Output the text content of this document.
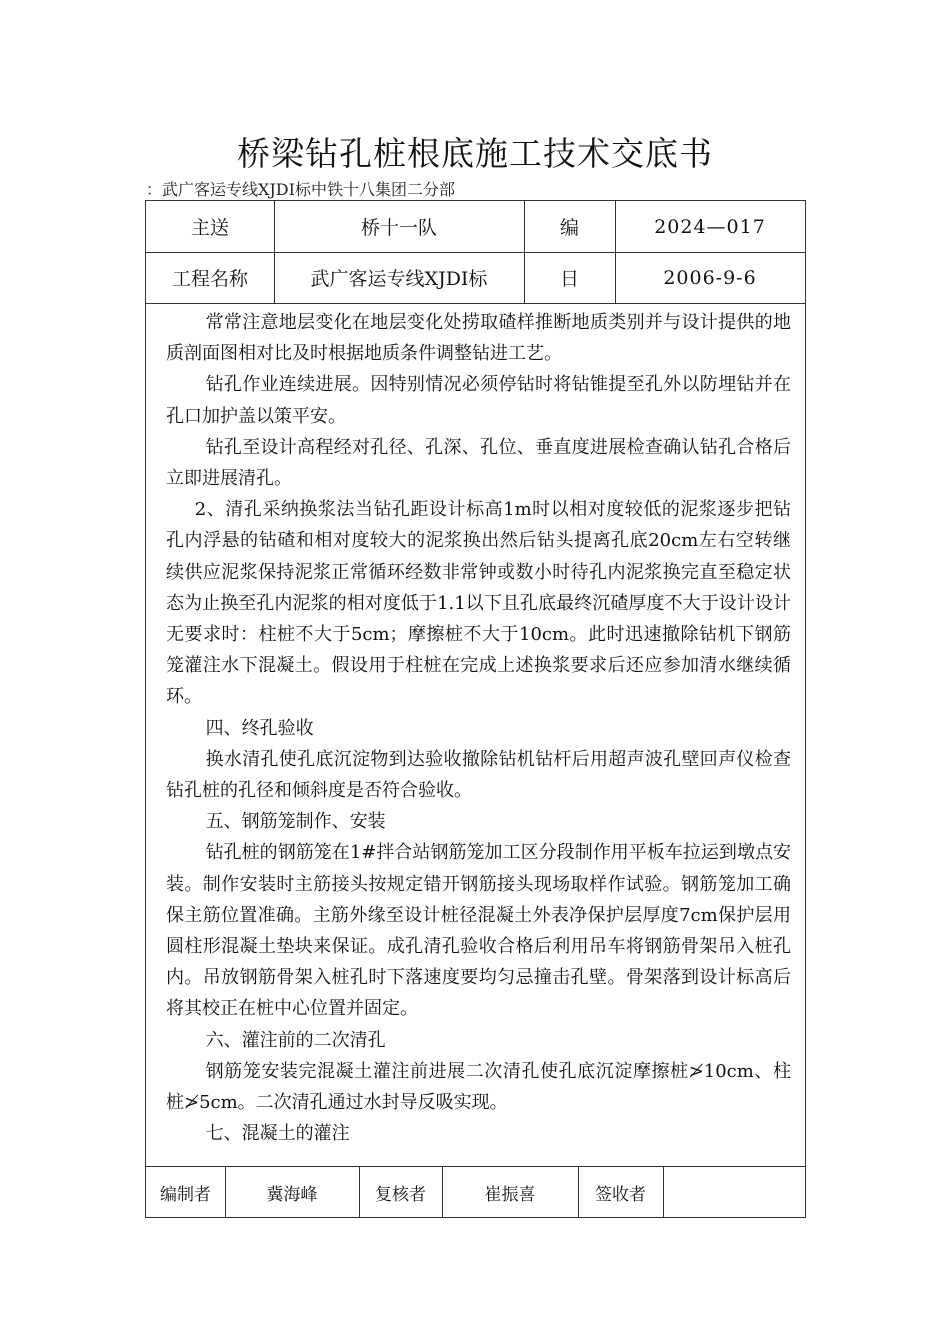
桥梁钻孔桩根底施工技术交底书
：武广客运专线XJDI标中铁十八集团二分部
主送	桥十一队	编	2024—017
工程名称	武广客运专线XJDI标	日	2006-9-6

常常注意地层变化在地层变化处捞取碴样推断地质类别并与设计提供的地质剖面图相对比及时根据地质条件调整钻进工艺。

钻孔作业连续进展。因特别情况必须停钻时将钻锥提至孔外以防埋钻并在孔口加护盖以策平安。

钻孔至设计高程经对孔径、孔深、孔位、垂直度进展检查确认钻孔合格后立即进展清孔。

2、清孔采纳换浆法当钻孔距设计标高1m时以相对度较低的泥浆逐步把钻孔内浮悬的钻碴和相对度较大的泥浆换出然后钻头提离孔底20cm左右空转继续供应泥浆保持泥浆正常循环经数非常钟或数小时待孔内泥浆换完直至稳定状态为止换至孔内泥浆的相对度低于1.1以下且孔底最终沉碴厚度不大于设计设计无要求时：柱桩不大于5cm；摩擦桩不大于10cm。此时迅速撤除钻机下钢筋笼灌注水下混凝土。假设用于柱桩在完成上述换浆要求后还应参加清水继续循环。

四、终孔验收

换水清孔使孔底沉淀物到达验收撤除钻机钻杆后用超声波孔壁回声仪检查钻孔桩的孔径和倾斜度是否符合验收。

五、钢筋笼制作、安装

钻孔桩的钢筋笼在1#拌合站钢筋笼加工区分段制作用平板车拉运到墩点安装。制作安装时主筋接头按规定错开钢筋接头现场取样作试验。钢筋笼加工确保主筋位置准确。主筋外缘至设计桩径混凝土外表净保护层厚度7cm保护层用圆柱形混凝土垫块来保证。成孔清孔验收合格后利用吊车将钢筋骨架吊入桩孔内。吊放钢筋骨架入桩孔时下落速度要均匀忌撞击孔壁。骨架落到设计标高后将其校正在桩中心位置并固定。

六、灌注前的二次清孔

钢筋笼安装完混凝土灌注前进展二次清孔使孔底沉淀摩擦桩≯10cm、柱桩≯5cm。二次清孔通过水封导反吸实现。

七、混凝土的灌注

编制者	冀海峰	复核者	崔振喜	签收者
